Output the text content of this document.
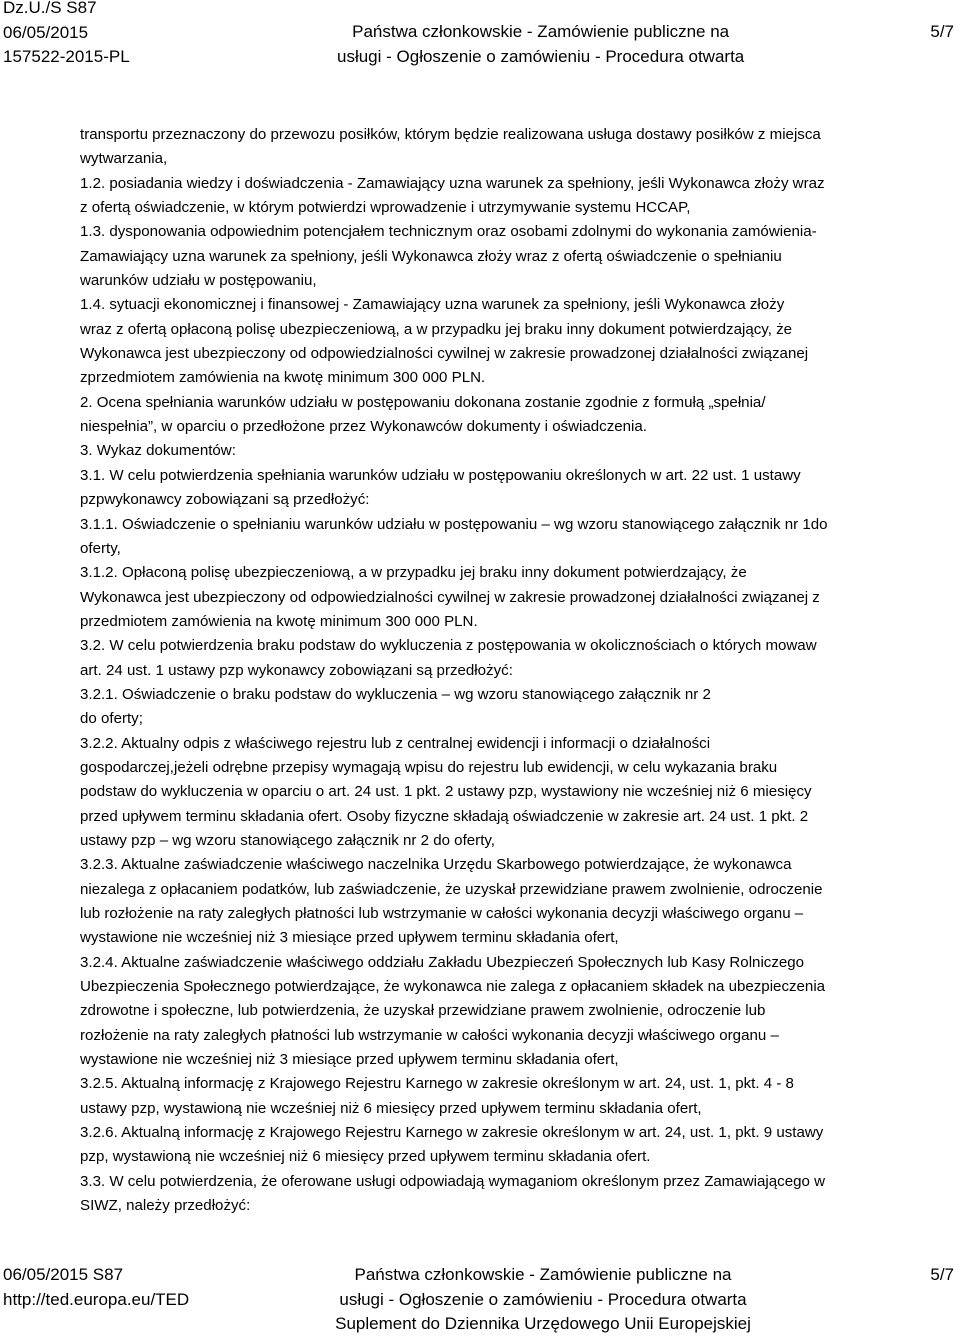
Dz.U./S S87
06/05/2015
157522-2015-PL
Państwa członkowskie - Zamówienie publiczne na
usługi - Ogłoszenie o zamówieniu - Procedura otwarta
5/7

transportu przeznaczony do przewozu posiłków, którym będzie realizowana usługa dostawy posiłków z miejsca
wytwarzania,

1.2. posiadania wiedzy i doświadczenia - Zamawiający uzna warunek za spełniony, jeśli Wykonawca złoży wraz
z ofertą oświadczenie, w którym potwierdzi wprowadzenie i utrzymywanie systemu HCCAP,

1.3. dysponowania odpowiednim potencjałem technicznym oraz osobami zdolnymi do wykonania zamówienia-
Zamawiający uzna warunek za spełniony, jeśli Wykonawca złoży wraz z ofertą oświadczenie o spełnianiu
warunków udziału w postępowaniu,

1.4. sytuacji ekonomicznej i finansowej - Zamawiający uzna warunek za spełniony, jeśli Wykonawca złoży
wraz z ofertą opłaconą polisę ubezpieczeniową, a w przypadku jej braku inny dokument potwierdzający, że
Wykonawca jest ubezpieczony od odpowiedzialności cywilnej w zakresie prowadzonej działalności związanej
zprzedmiotem zamówienia na kwotę minimum 300 000 PLN.

2. Ocena spełniania warunków udziału w postępowaniu dokonana zostanie zgodnie z formułą „spełnia/
niespełnia”, w oparciu o przedłożone przez Wykonawców dokumenty i oświadczenia.

3. Wykaz dokumentów:

3.1. W celu potwierdzenia spełniania warunków udziału w postępowaniu określonych w art. 22 ust. 1 ustawy
pzpwykonawcy zobowiązani są przedłożyć:

3.1.1. Oświadczenie o spełnianiu warunków udziału w postępowaniu – wg wzoru stanowiącego załącznik nr 1do
oferty,

3.1.2. Opłaconą polisę ubezpieczeniową, a w przypadku jej braku inny dokument potwierdzający, że
Wykonawca jest ubezpieczony od odpowiedzialności cywilnej w zakresie prowadzonej działalności związanej z
przedmiotem zamówienia na kwotę minimum 300 000 PLN.

3.2. W celu potwierdzenia braku podstaw do wykluczenia z postępowania w okolicznościach o których mowaw
art. 24 ust. 1 ustawy pzp wykonawcy zobowiązani są przedłożyć:

3.2.1. Oświadczenie o braku podstaw do wykluczenia – wg wzoru stanowiącego załącznik nr 2
do oferty;

3.2.2. Aktualny odpis z właściwego rejestru lub z centralnej ewidencji i informacji o działalności
gospodarczej,jeżeli odrębne przepisy wymagają wpisu do rejestru lub ewidencji, w celu wykazania braku
podstaw do wykluczenia w oparciu o art. 24 ust. 1 pkt. 2 ustawy pzp, wystawiony nie wcześniej niż 6 miesięcy
przed upływem terminu składania ofert. Osoby fizyczne składają oświadczenie w zakresie art. 24 ust. 1 pkt. 2
ustawy pzp – wg wzoru stanowiącego załącznik nr 2 do oferty,

3.2.3. Aktualne zaświadczenie właściwego naczelnika Urzędu Skarbowego potwierdzające, że wykonawca
niezalega z opłacaniem podatków, lub zaświadczenie, że uzyskał przewidziane prawem zwolnienie, odroczenie
lub rozłożenie na raty zaległych płatności lub wstrzymanie w całości wykonania decyzji właściwego organu –
wystawione nie wcześniej niż 3 miesiące przed upływem terminu składania ofert,

3.2.4. Aktualne zaświadczenie właściwego oddziału Zakładu Ubezpieczeń Społecznych lub Kasy Rolniczego
Ubezpieczenia Społecznego potwierdzające, że wykonawca nie zalega z opłacaniem składek na ubezpieczenia
zdrowotne i społeczne, lub potwierdzenia, że uzyskał przewidziane prawem zwolnienie, odroczenie lub
rozłożenie na raty zaległych płatności lub wstrzymanie w całości wykonania decyzji właściwego organu –
wystawione nie wcześniej niż 3 miesiące przed upływem terminu składania ofert,

3.2.5. Aktualną informację z Krajowego Rejestru Karnego w zakresie określonym w art. 24, ust. 1, pkt. 4 - 8
ustawy pzp, wystawioną nie wcześniej niż 6 miesięcy przed upływem terminu składania ofert,

3.2.6. Aktualną informację z Krajowego Rejestru Karnego w zakresie określonym w art. 24, ust. 1, pkt. 9 ustawy
pzp, wystawioną nie wcześniej niż 6 miesięcy przed upływem terminu składania ofert.

3.3. W celu potwierdzenia, że oferowane usługi odpowiadają wymaganiom określonym przez Zamawiającego w
SIWZ, należy przedłożyć:

06/05/2015 S87
http://ted.europa.eu/TED
Państwa członkowskie - Zamówienie publiczne na
usługi - Ogłoszenie o zamówieniu - Procedura otwarta
Suplement do Dziennika Urzędowego Unii Europejskiej
5/7
